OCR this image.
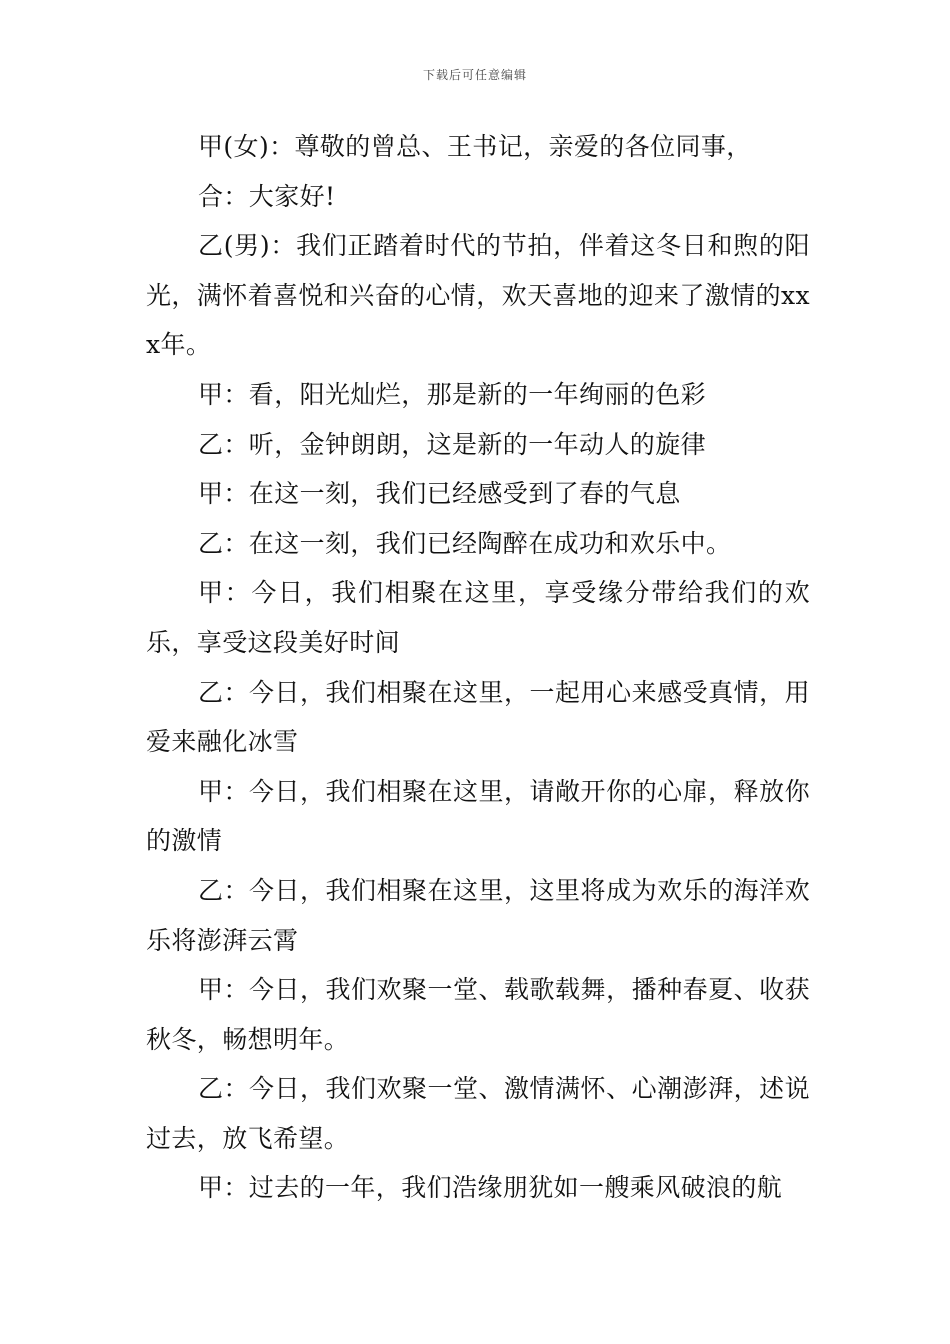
下载后可任意编辑

甲(女)：尊敬的曾总、王书记，亲爱的各位同事，

合：大家好!

乙(男)：我们正踏着时代的节拍，伴着这冬日和煦的阳光，满怀着喜悦和兴奋的心情，欢天喜地的迎来了激情的xxx年。

甲：看，阳光灿烂，那是新的一年绚丽的色彩

乙：听，金钟朗朗，这是新的一年动人的旋律

甲：在这一刻，我们已经感受到了春的气息

乙：在这一刻，我们已经陶醉在成功和欢乐中。

甲：今日，我们相聚在这里，享受缘分带给我们的欢乐，享受这段美好时间

乙：今日，我们相聚在这里，一起用心来感受真情，用爱来融化冰雪

甲：今日，我们相聚在这里，请敞开你的心扉，释放你的激情

乙：今日，我们相聚在这里，这里将成为欢乐的海洋欢乐将澎湃云霄

甲：今日，我们欢聚一堂、载歌载舞，播种春夏、收获秋冬，畅想明年。

乙：今日，我们欢聚一堂、激情满怀、心潮澎湃，述说过去，放飞希望。

甲：过去的一年，我们浩缘朋犹如一艘乘风破浪的航
